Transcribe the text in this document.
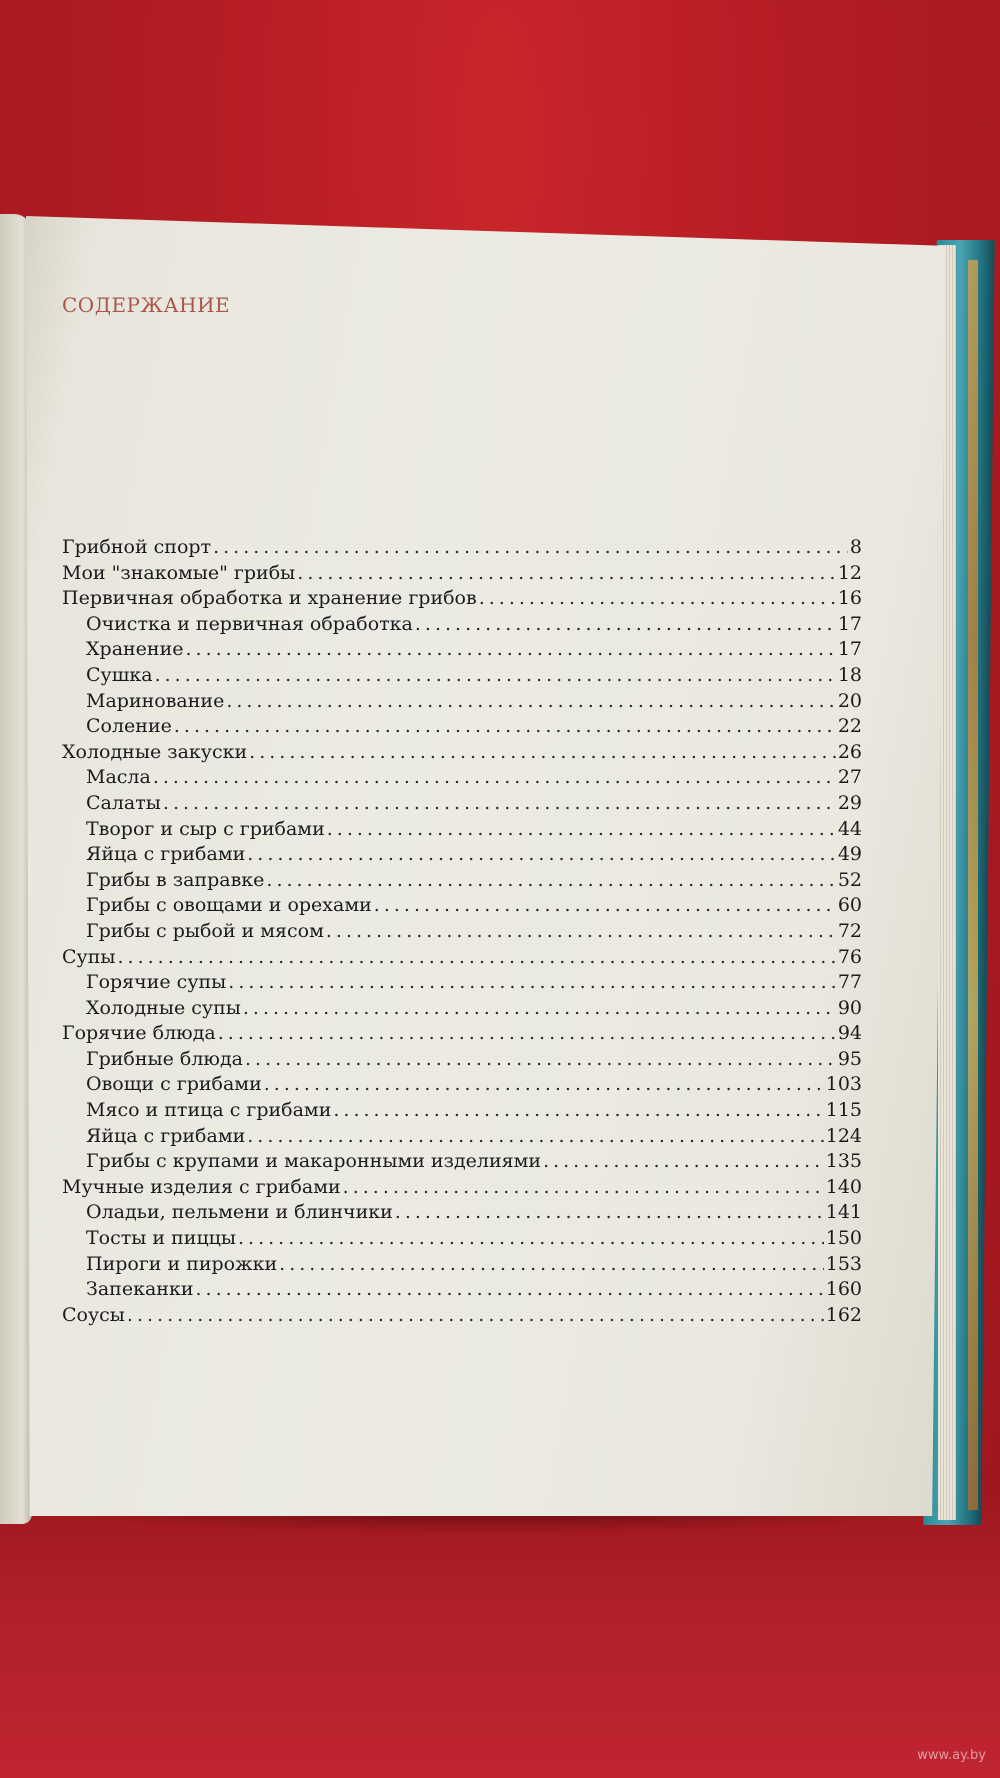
СОДЕРЖАНИЕ
Грибной спорт .....	8
Мои "знакомые" грибы .....	12
Первичная обработка и хранение грибов .....	16
Очистка и первичная обработка .....	17
Хранение .....	17
Сушка .....	18
Маринование .....	20
Соление .....	22
Холодные закуски .....	26
Масла .....	27
Салаты .....	29
Творог и сыр с грибами .....	44
Яйца с грибами .....	49
Грибы в заправке .....	52
Грибы с овощами и орехами .....	60
Грибы с рыбой и мясом .....	72
Супы .....	76
Горячие супы .....	77
Холодные супы .....	90
Горячие блюда .....	94
Грибные блюда .....	95
Овощи с грибами .....	103
Мясо и птица с грибами .....	115
Яйца с грибами .....	124
Грибы с крупами и макаронными изделиями .....	135
Мучные изделия с грибами .....	140
Оладьи, пельмени и блинчики .....	141
Тосты и пиццы .....	150
Пироги и пирожки .....	153
Запеканки .....	160
Соусы .....	162
www.ay.by
